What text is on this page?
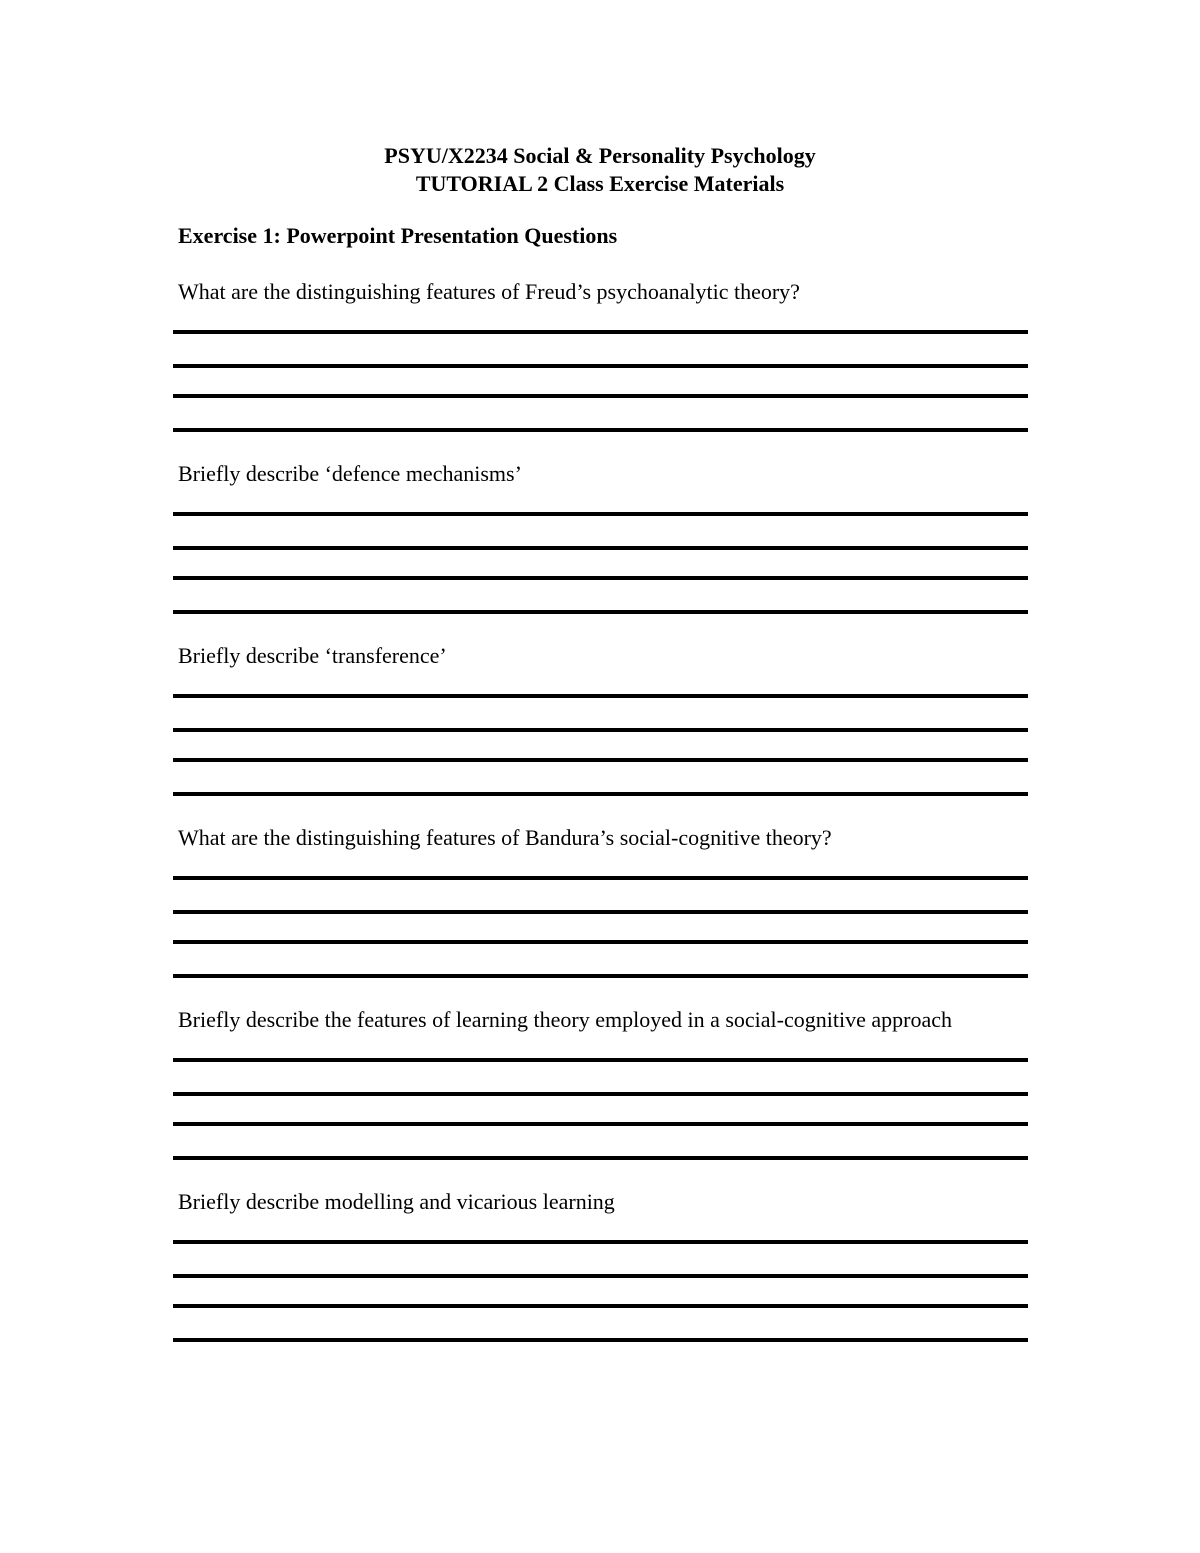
PSYU/X2234 Social & Personality Psychology
TUTORIAL 2 Class Exercise Materials
Exercise 1: Powerpoint Presentation Questions
What are the distinguishing features of Freud’s psychoanalytic theory?
Briefly describe ‘defence mechanisms’
Briefly describe ‘transference’
What are the distinguishing features of Bandura’s social-cognitive theory?
Briefly describe the features of learning theory employed in a social-cognitive approach
Briefly describe modelling and vicarious learning
